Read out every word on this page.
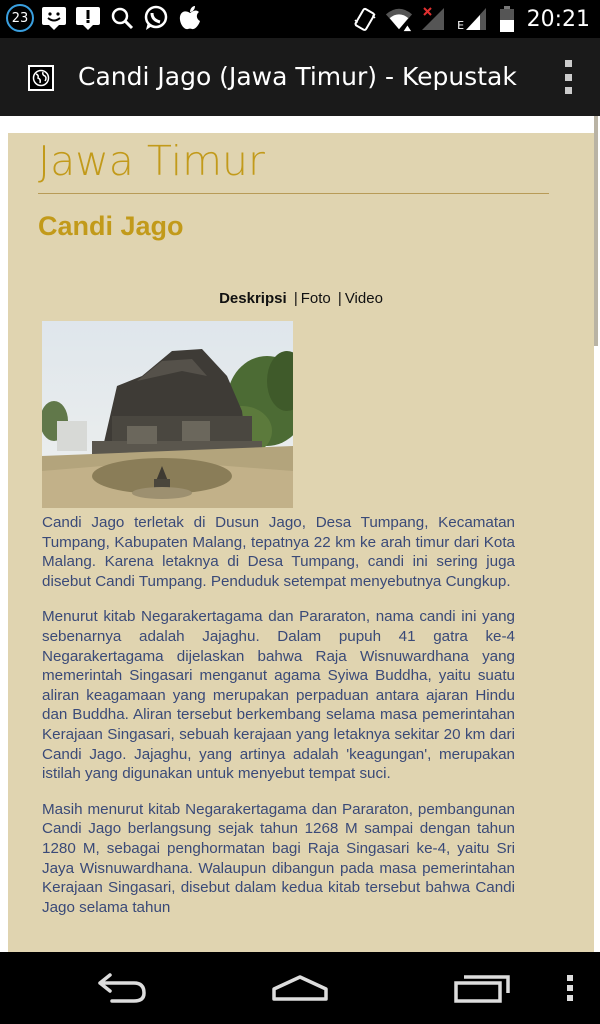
23	E	20:21
Candi Jago (Jawa Timur) - Kepustak
Jawa Timur
Candi Jago
Deskripsi | Foto | Video

Candi Jago terletak di Dusun Jago, Desa Tumpang, Kecamatan Tumpang, Kabupaten Malang, tepatnya 22 km ke arah timur dari Kota Malang. Karena letaknya di Desa Tumpang, candi ini sering juga disebut Candi Tumpang. Penduduk setempat menyebutnya Cungkup.

Menurut kitab Negarakertagama dan Pararaton, nama candi ini yang sebenarnya adalah Jajaghu. Dalam pupuh 41 gatra ke-4 Negarakertagama dijelaskan bahwa Raja Wisnuwardhana yang memerintah Singasari menganut agama Syiwa Buddha, yaitu suatu aliran keagamaan yang merupakan perpaduan antara ajaran Hindu dan Buddha. Aliran tersebut berkembang selama masa pemerintahan Kerajaan Singasari, sebuah kerajaan yang letaknya sekitar 20 km dari Candi Jago. Jajaghu, yang artinya adalah 'keagungan', merupakan istilah yang digunakan untuk menyebut tempat suci.

Masih menurut kitab Negarakertagama dan Pararaton, pembangunan Candi Jago berlangsung sejak tahun 1268 M sampai dengan tahun 1280 M, sebagai penghormatan bagi Raja Singasari ke-4, yaitu Sri Jaya Wisnuwardhana. Walaupun dibangun pada masa pemerintahan Kerajaan Singasari, disebut dalam kedua kitab tersebut bahwa Candi Jago selama tahun
